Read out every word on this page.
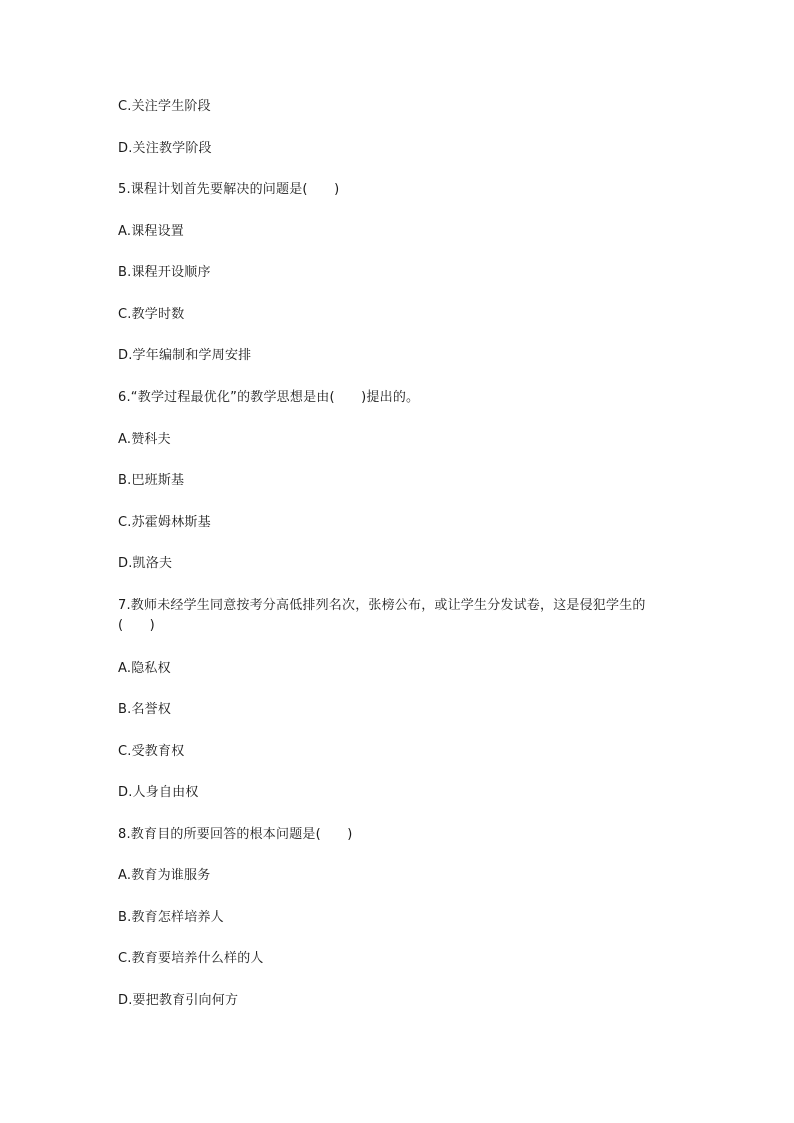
C.关注学生阶段
D.关注教学阶段
5.课程计划首先要解决的问题是(　　)
A.课程设置
B.课程开设顺序
C.教学时数
D.学年编制和学周安排
6.“教学过程最优化”的教学思想是由(　　)提出的。
A.赞科夫
B.巴班斯基
C.苏霍姆林斯基
D.凯洛夫
7.教师未经学生同意按考分高低排列名次，张榜公布，或让学生分发试卷，这是侵犯学生的(　　)
A.隐私权
B.名誉权
C.受教育权
D.人身自由权
8.教育目的所要回答的根本问题是(　　)
A.教育为谁服务
B.教育怎样培养人
C.教育要培养什么样的人
D.要把教育引向何方
